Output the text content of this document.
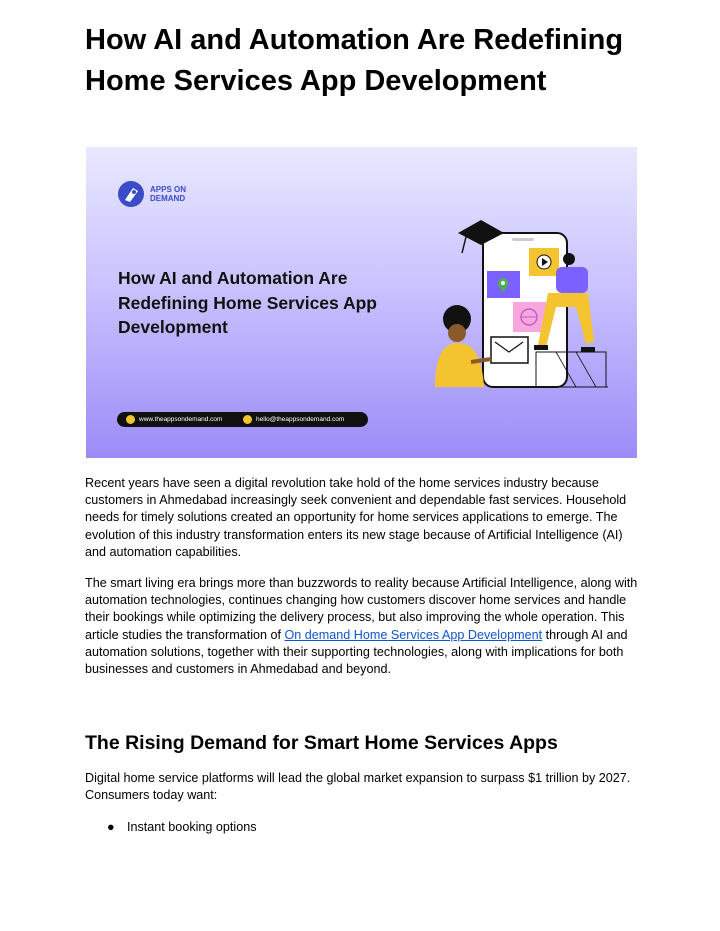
How AI and Automation Are Redefining Home Services App Development
APPS ON
DEMAND
How AI and Automation Are
Redefining Home Services App
Development
www.theappsondemand.com	hello@theappsondemand.com

Recent years have seen a digital revolution take hold of the home services industry because customers in Ahmedabad increasingly seek convenient and dependable fast services. Household needs for timely solutions created an opportunity for home services applications to emerge. The evolution of this industry transformation enters its new stage because of Artificial Intelligence (AI) and automation capabilities.

The smart living era brings more than buzzwords to reality because Artificial Intelligence, along with automation technologies, continues changing how customers discover home services and handle their bookings while optimizing the delivery process, but also improving the whole operation. This article studies the transformation of On demand Home Services App Development through AI and automation solutions, together with their supporting technologies, along with implications for both businesses and customers in Ahmedabad and beyond.

The Rising Demand for Smart Home Services Apps

Digital home service platforms will lead the global market expansion to surpass $1 trillion by 2027. Consumers today want:

● Instant booking options
